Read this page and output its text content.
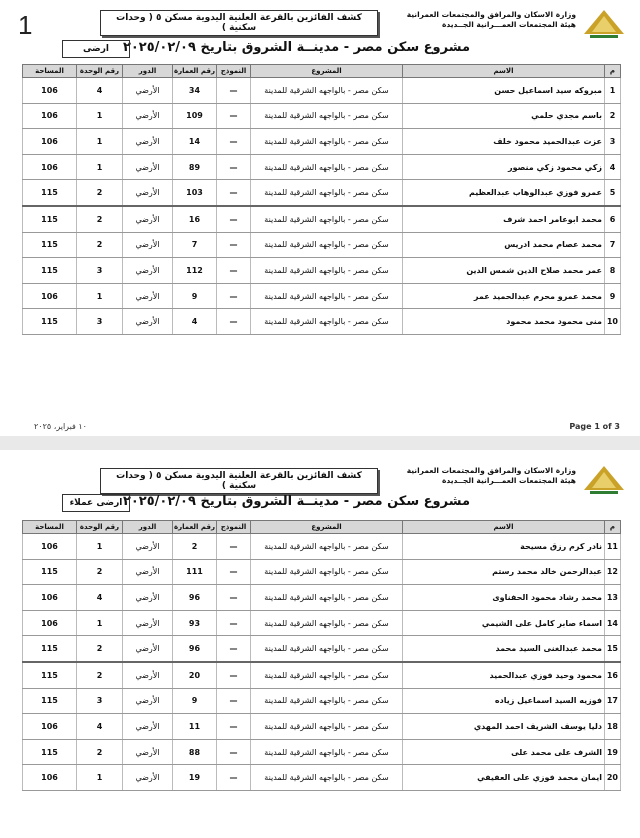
1	وزارة الاسكان والمرافق والمجتمعات العمرانية
هيئة المجتمعات العمـــرانية الجــديدة
كشف الفائزين بالقرعة العلنية اليدوية مسكن ٥ ( وحدات سكنية )
مشروع سكن مصر - مدينــة الشروق بتاريخ ٢٠٢٥/٠٢/٠٩
ارضى
م	الاسم	المشروع	النموذج	رقم العمارة	الدور	رقم الوحدة	المساحة
1	مبروكه سيد اسماعيل حسن	سكن مصر - بالواجهه الشرقية للمدينة	—	34	الأرضي	4	106
2	باسم مجدي حلمي	سكن مصر - بالواجهه الشرقية للمدينة	—	109	الأرضي	1	106
3	عزت عبدالحميد محمود خلف	سكن مصر - بالواجهه الشرقية للمدينة	—	14	الأرضي	1	106
4	زكي محمود زكي منصور	سكن مصر - بالواجهه الشرقية للمدينة	—	89	الأرضي	1	106
5	عمرو فوزي عبدالوهاب عبدالعظيم	سكن مصر - بالواجهه الشرقية للمدينة	—	103	الأرضي	2	115
6	محمد ابوعامر احمد شرف	سكن مصر - بالواجهه الشرقية للمدينة	—	16	الأرضي	2	115
7	محمد عصام محمد ادريس	سكن مصر - بالواجهه الشرقية للمدينة	—	7	الأرضي	2	115
8	عمر محمد صلاح الدين شمس الدين	سكن مصر - بالواجهه الشرقية للمدينة	—	112	الأرضي	3	115
9	محمد عمرو محرم عبدالحميد عمر	سكن مصر - بالواجهه الشرقية للمدينة	—	9	الأرضي	1	106
10	منى محمود محمد محمود	سكن مصر - بالواجهه الشرقية للمدينة	—	4	الأرضي	3	115
١٠ فبراير، ٢٠٢٥	Page 1 of 3
وزارة الاسكان والمرافق والمجتمعات العمرانية
هيئة المجتمعات العمـــرانية الجــديدة
كشف الفائزين بالقرعة العلنية اليدوية مسكن ٥ ( وحدات سكنية )
مشروع سكن مصر - مدينــة الشروق بتاريخ ٢٠٢٥/٠٢/٠٩
ارضى عملاء
م	الاسم	المشروع	النموذج	رقم العمارة	الدور	رقم الوحدة	المساحة
11	نادر كرم رزق مسيحة	سكن مصر - بالواجهه الشرقية للمدينة	—	2	الأرضي	1	106
12	عبدالرحمن خالد محمد رستم	سكن مصر - بالواجهه الشرقية للمدينة	—	111	الأرضي	2	115
13	محمد رشاد محمود الحفناوى	سكن مصر - بالواجهه الشرقية للمدينة	—	96	الأرضي	4	106
14	اسماء صابر كامل على الشيمي	سكن مصر - بالواجهه الشرقية للمدينة	—	93	الأرضي	1	106
15	محمد عبدالغنى السيد محمد	سكن مصر - بالواجهه الشرقية للمدينة	—	96	الأرضي	2	115
16	محمود وحيد فوزي عبدالحميد	سكن مصر - بالواجهه الشرقية للمدينة	—	20	الأرضي	2	115
17	فوزيه السيد اسماعيل زياده	سكن مصر - بالواجهه الشرقية للمدينة	—	9	الأرضي	3	115
18	دليا يوسف الشريف احمد المهدي	سكن مصر - بالواجهه الشرقية للمدينة	—	11	الأرضي	4	106
19	الشرف على محمد على	سكن مصر - بالواجهه الشرقية للمدينة	—	88	الأرضي	2	115
20	ايمان محمد فوزي على العفيفي	سكن مصر - بالواجهه الشرقية للمدينة	—	19	الأرضي	1	106
